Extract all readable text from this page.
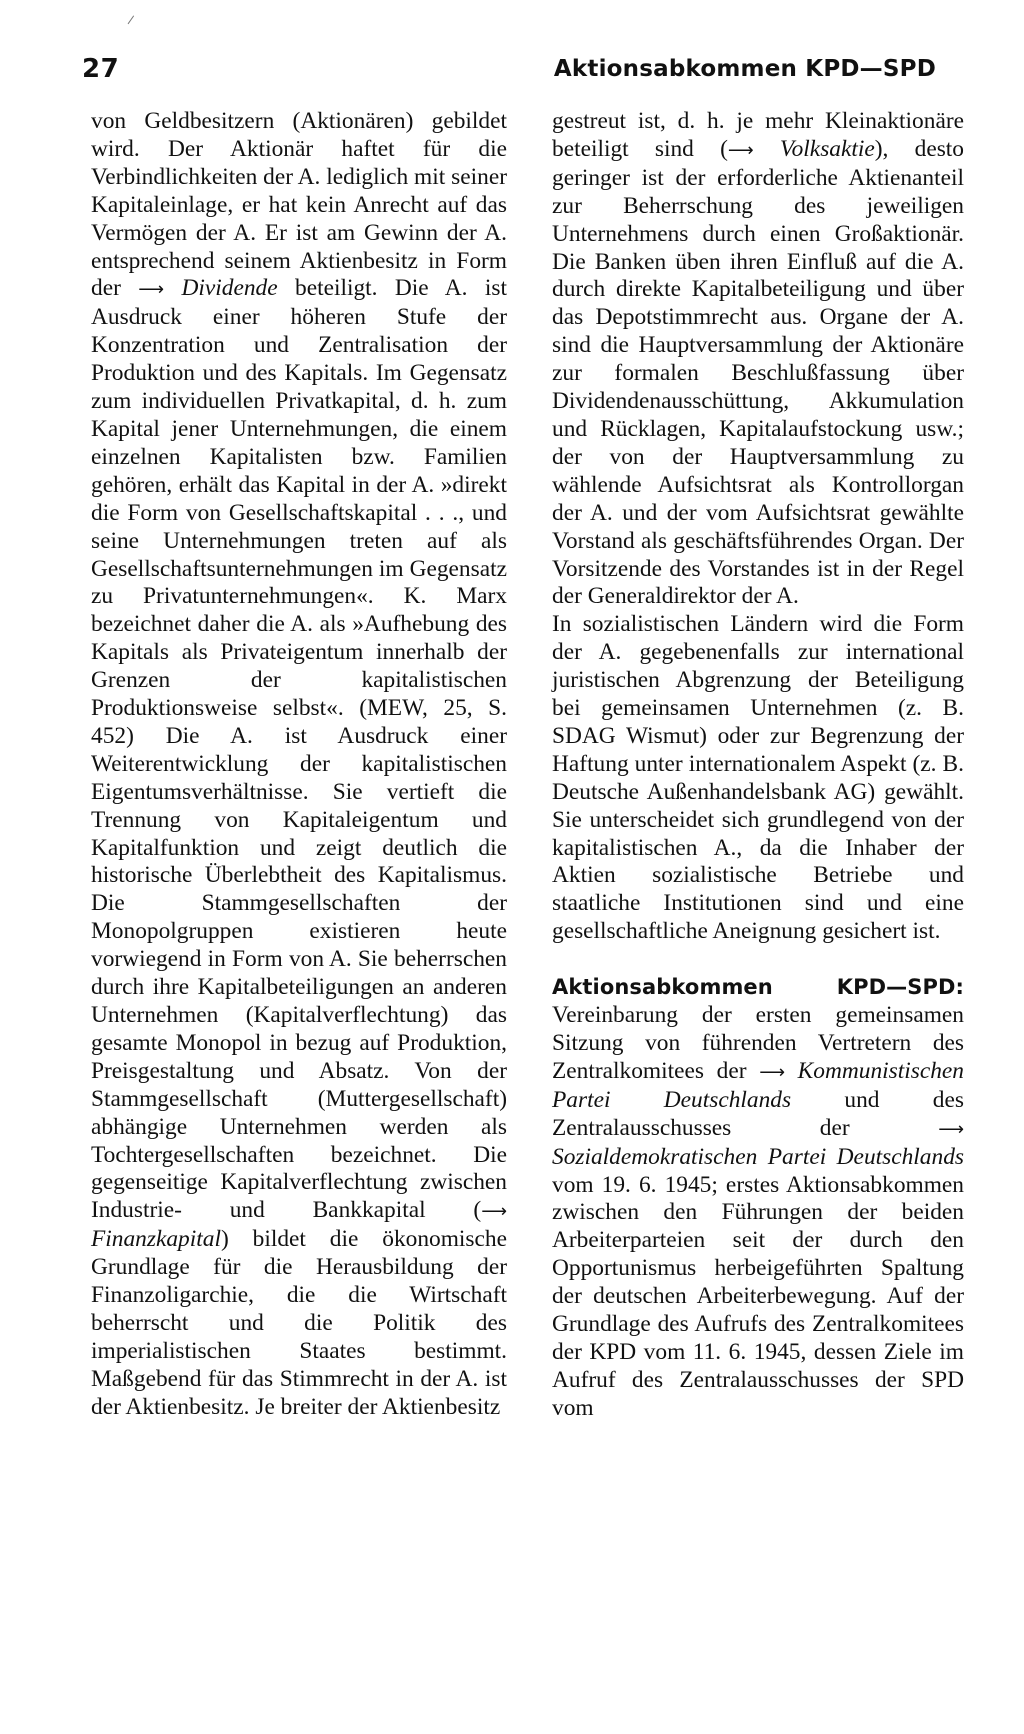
27	Aktionsabkommen KPD—SPD

von Geldbesitzern (Aktionären) gebildet wird. Der Aktionär haftet für die Verbindlichkeiten der A. lediglich mit seiner Kapitaleinlage, er hat kein Anrecht auf das Vermögen der A. Er ist am Gewinn der A. entsprechend seinem Aktienbesitz in Form der ⟶ Dividende beteiligt. Die A. ist Ausdruck einer höheren Stufe der Konzentration und Zentralisation der Produktion und des Kapitals. Im Gegensatz zum individuellen Privatkapital, d. h. zum Kapital jener Unternehmungen, die einem einzelnen Kapitalisten bzw. Familien gehören, erhält das Kapital in der A. »direkt die Form von Gesellschaftskapital . . ., und seine Unternehmungen treten auf als Gesellschaftsunternehmungen im Gegensatz zu Privatunternehmungen«. K. Marx bezeichnet daher die A. als »Aufhebung des Kapitals als Privateigentum innerhalb der Grenzen der kapitalistischen Produktionsweise selbst«. (MEW, 25, S. 452) Die A. ist Ausdruck einer Weiterentwicklung der kapitalistischen Eigentumsverhältnisse. Sie vertieft die Trennung von Kapitaleigentum und Kapitalfunktion und zeigt deutlich die historische Überlebtheit des Kapitalismus. Die Stammgesellschaften der Monopolgruppen existieren heute vorwiegend in Form von A. Sie beherrschen durch ihre Kapitalbeteiligungen an anderen Unternehmen (Kapitalverflechtung) das gesamte Monopol in bezug auf Produktion, Preisgestaltung und Absatz. Von der Stammgesellschaft (Muttergesellschaft) abhängige Unternehmen werden als Tochtergesellschaften bezeichnet. Die gegenseitige Kapitalverflechtung zwischen Industrie- und Bankkapital (⟶ Finanzkapital) bildet die ökonomische Grundlage für die Herausbildung der Finanzoligarchie, die die Wirtschaft beherrscht und die Politik des imperialistischen Staates bestimmt. Maßgebend für das Stimmrecht in der A. ist der Aktienbesitz. Je breiter der Aktienbesitz

gestreut ist, d. h. je mehr Kleinaktionäre beteiligt sind (⟶ Volksaktie), desto geringer ist der erforderliche Aktienanteil zur Beherrschung des jeweiligen Unternehmens durch einen Großaktionär. Die Banken üben ihren Einfluß auf die A. durch direkte Kapitalbeteiligung und über das Depotstimmrecht aus. Organe der A. sind die Hauptversammlung der Aktionäre zur formalen Beschlußfassung über Dividendenausschüttung, Akkumulation und Rücklagen, Kapitalaufstockung usw.; der von der Hauptversammlung zu wählende Aufsichtsrat als Kontrollorgan der A. und der vom Aufsichtsrat gewählte Vorstand als geschäftsführendes Organ. Der Vorsitzende des Vorstandes ist in der Regel der Generaldirektor der A.

In sozialistischen Ländern wird die Form der A. gegebenenfalls zur international juristischen Abgrenzung der Beteiligung bei gemeinsamen Unternehmen (z. B. SDAG Wismut) oder zur Begrenzung der Haftung unter internationalem Aspekt (z. B. Deutsche Außenhandelsbank AG) gewählt. Sie unterscheidet sich grundlegend von der kapitalistischen A., da die Inhaber der Aktien sozialistische Betriebe und staatliche Institutionen sind und eine gesellschaftliche Aneignung gesichert ist.

Aktionsabkommen KPD—SPD: Vereinbarung der ersten gemeinsamen Sitzung von führenden Vertretern des Zentralkomitees der ⟶ Kommunistischen Partei Deutschlands und des Zentralausschusses der ⟶ Sozialdemokratischen Partei Deutschlands vom 19. 6. 1945; erstes Aktionsabkommen zwischen den Führungen der beiden Arbeiterparteien seit der durch den Opportunismus herbeigeführten Spaltung der deutschen Arbeiterbewegung. Auf der Grundlage des Aufrufs des Zentralkomitees der KPD vom 11. 6. 1945, dessen Ziele im Aufruf des Zentralausschusses der SPD vom
